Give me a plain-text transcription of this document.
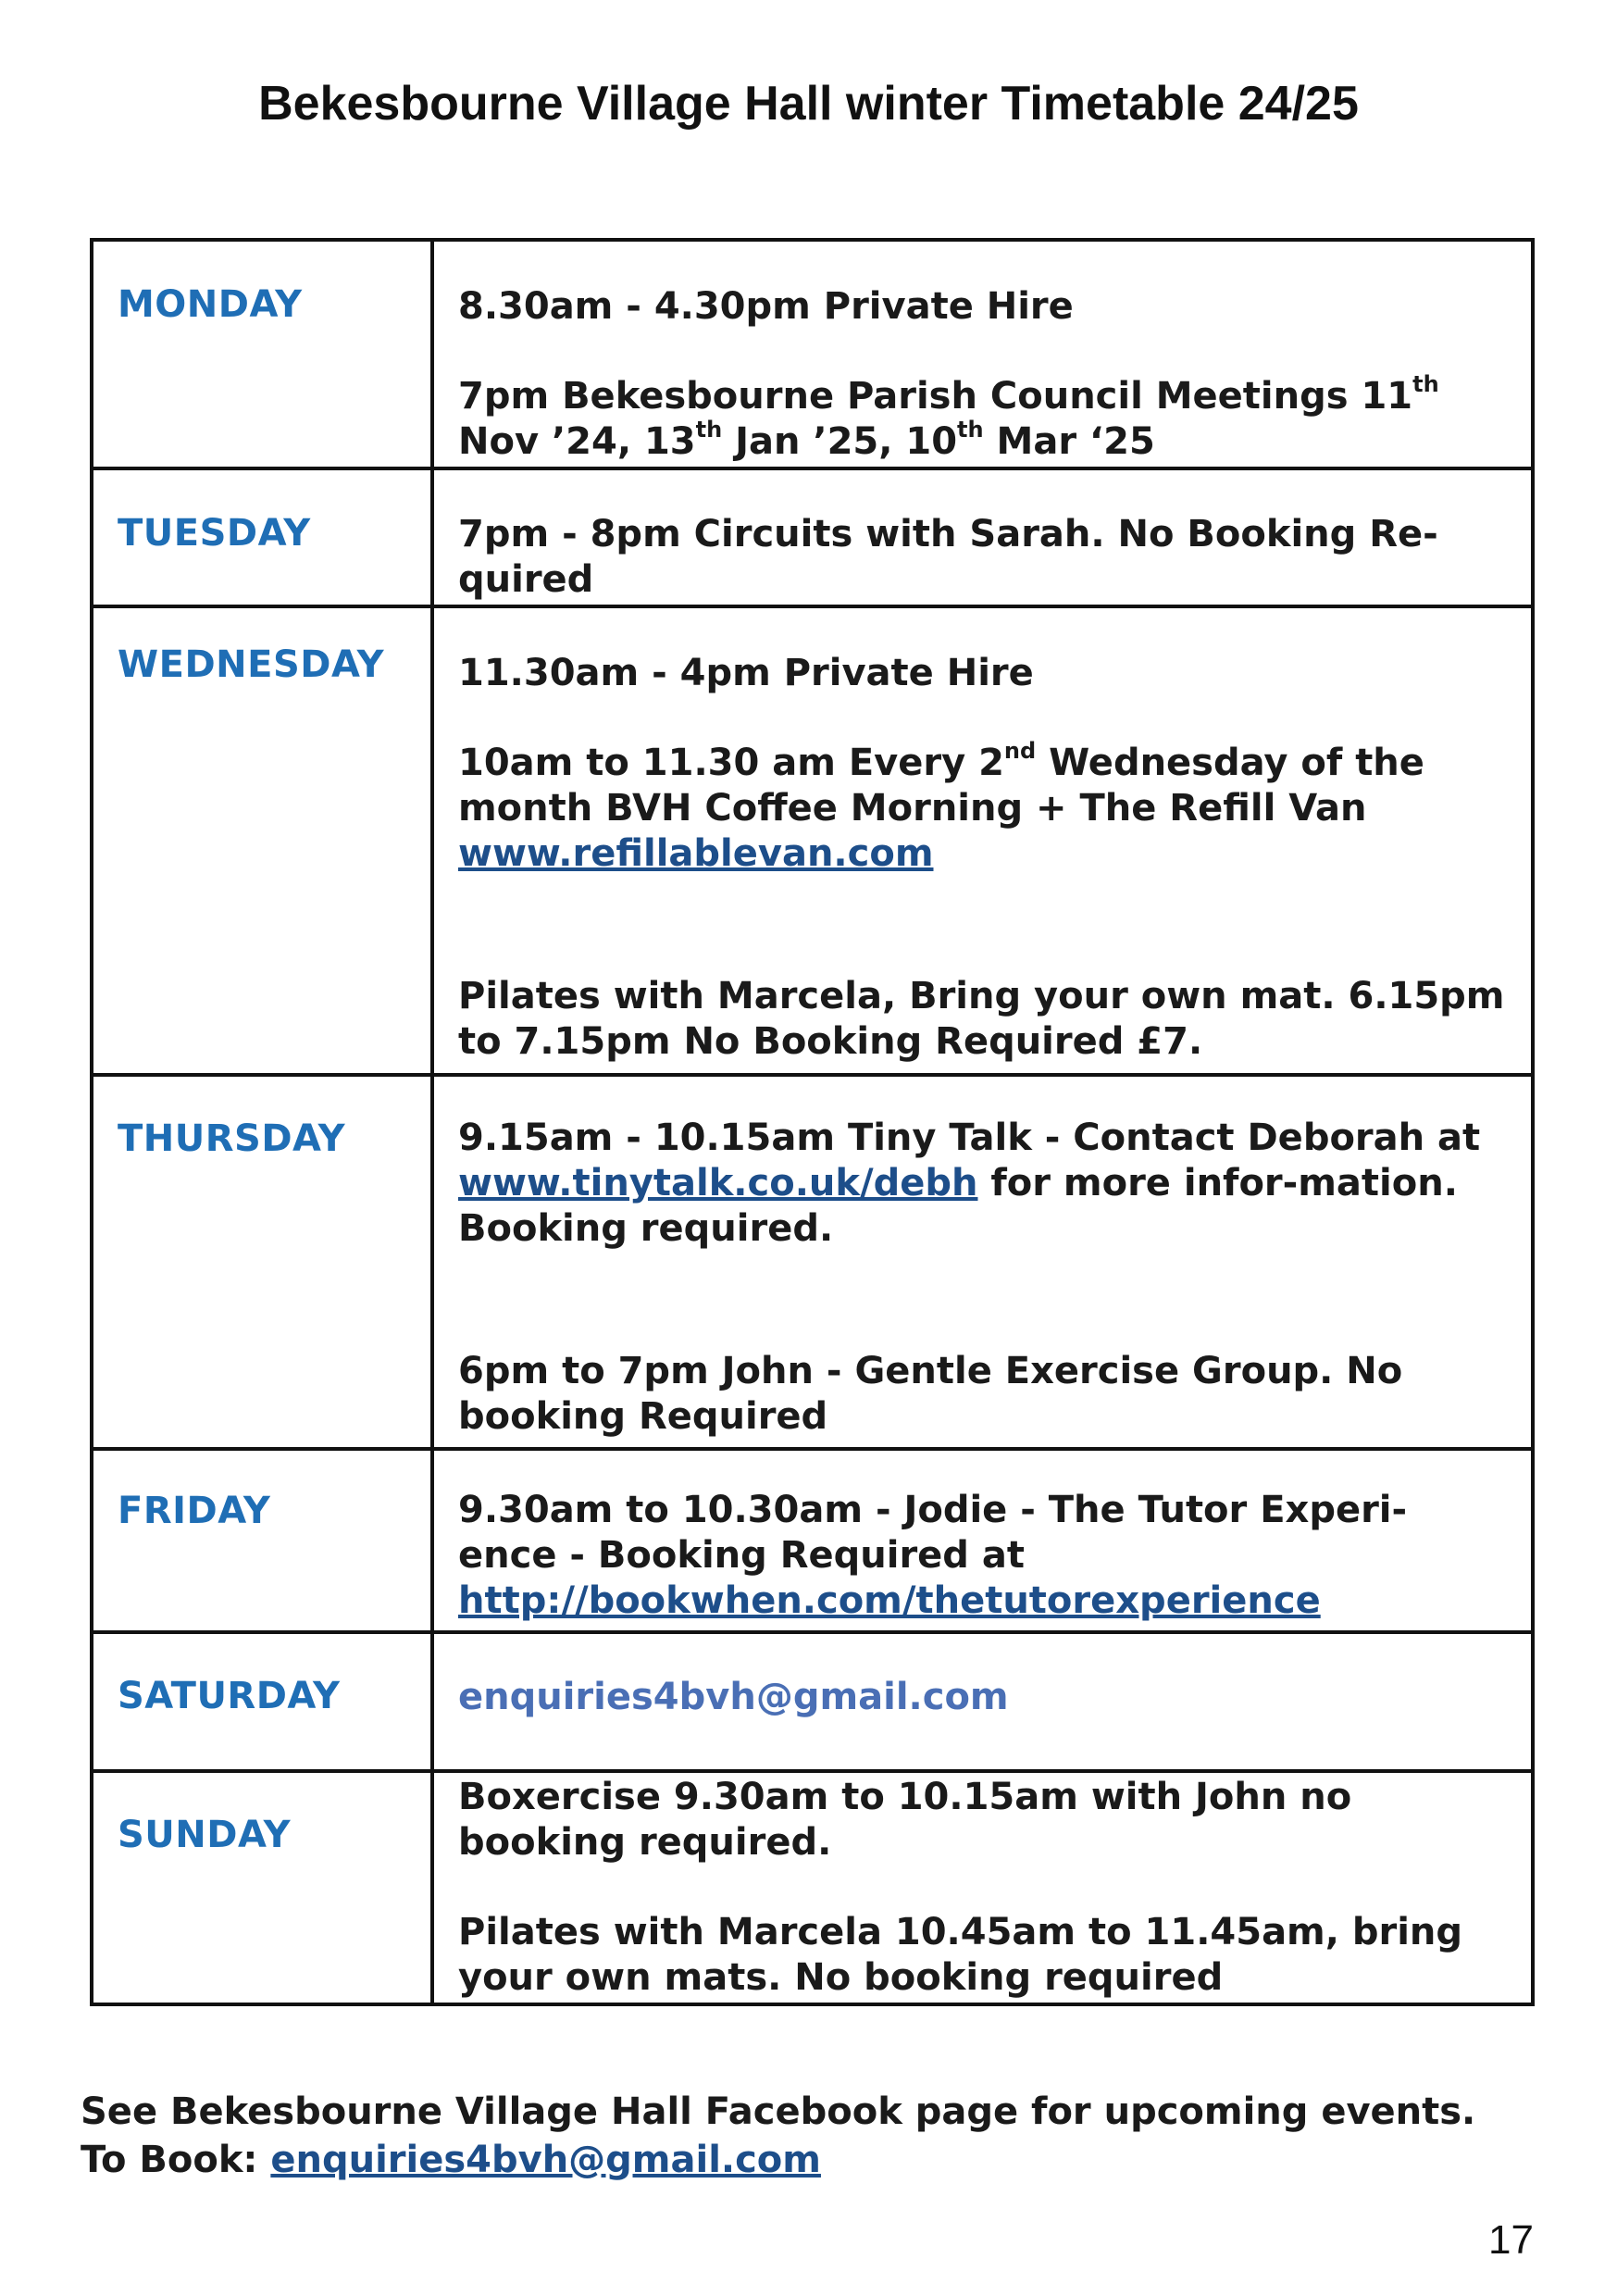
Bekesbourne Village Hall winter Timetable 24/25
MONDAY	8.30am - 4.30pm Private Hire

7pm Bekesbourne Parish Council Meetings 11th
Nov ’24, 13th Jan ’25, 10th Mar ‘25

TUESDAY	7pm - 8pm Circuits with Sarah. No Booking Re-quired

WEDNESDAY	11.30am - 4pm Private Hire

10am to 11.30 am Every 2nd Wednesday of the month BVH Coffee Morning + The Refill Van
www.refillablevan.com

Pilates with Marcela, Bring your own mat. 6.15pm to 7.15pm No Booking Required £7.

THURSDAY	9.15am - 10.15am Tiny Talk - Contact Deborah at www.tinytalk.co.uk/debh for more infor-mation. Booking required.

6pm to 7pm John - Gentle Exercise Group. No booking Required

FRIDAY	9.30am to 10.30am - Jodie - The Tutor Experi-ence - Booking Required at http://bookwhen.com/thetutorexperience

SATURDAY	enquiries4bvh@gmail.com

SUNDAY	Boxercise 9.30am to 10.15am with John no booking required.

Pilates with Marcela 10.45am to 11.45am, bring your own mats. No booking required

See Bekesbourne Village Hall Facebook page for upcoming events.
To Book: enquiries4bvh@gmail.com
17
